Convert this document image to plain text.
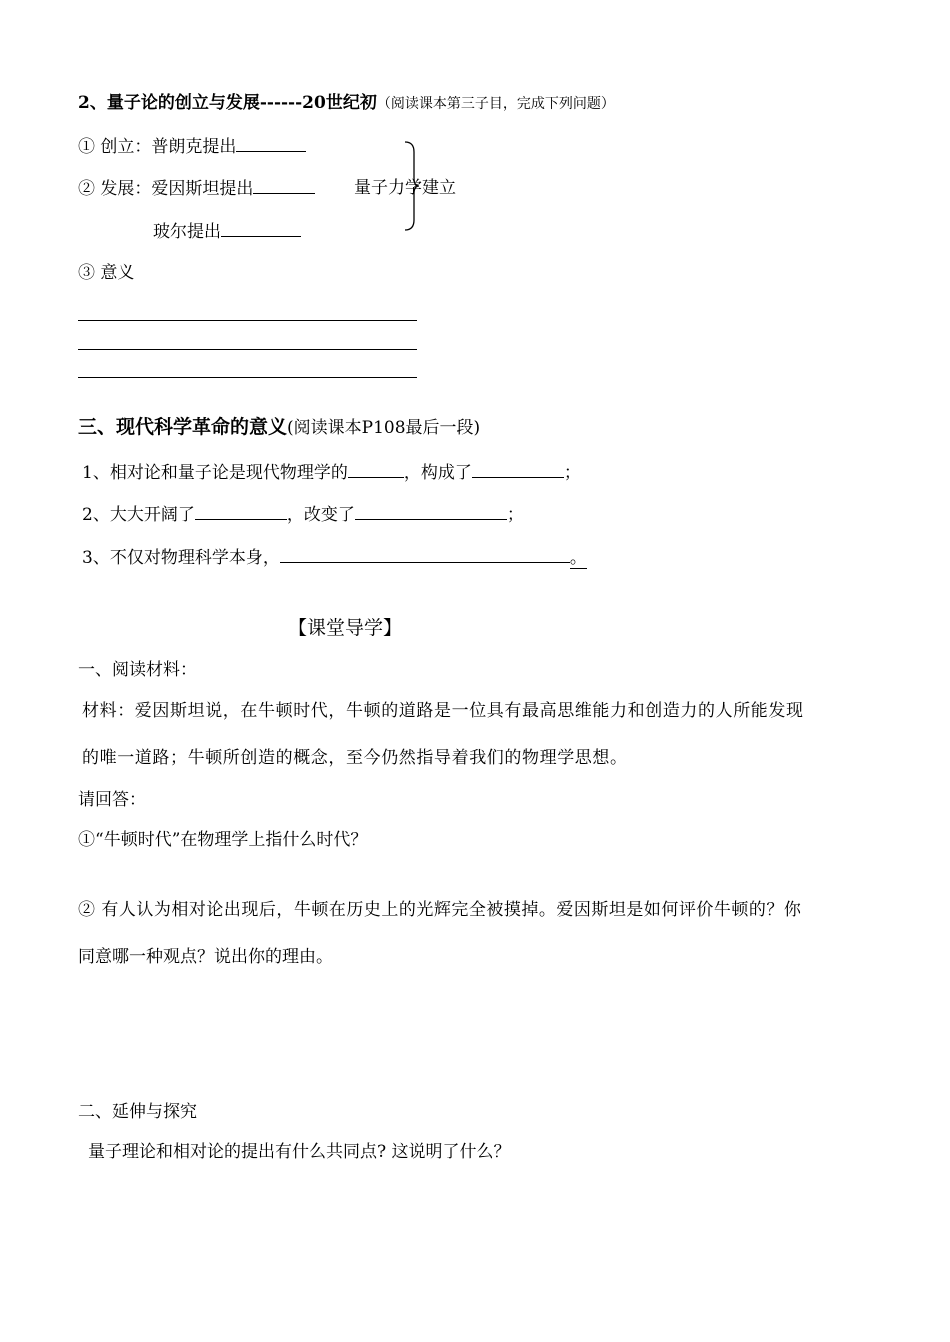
2、量子论的创立与发展------20世纪初（阅读课本第三子目，完成下列问题）
① 创立：普朗克提出
② 发展：爱因斯坦提出	量子力学建立
玻尔提出
③ 意义
三、现代科学革命的意义(阅读课本P108最后一段)
1、相对论和量子论是现代物理学的	，构成了	；
2、大大开阔了	，改变了	；
3、不仅对物理科学本身，	。
【课堂导学】
一、阅读材料：
材料：爱因斯坦说，在牛顿时代，牛顿的道路是一位具有最高思维能力和创造力的人所能发现
的唯一道路；牛顿所创造的概念，至今仍然指导着我们的物理学思想。
请回答：
①“牛顿时代”在物理学上指什么时代？
② 有人认为相对论出现后，牛顿在历史上的光辉完全被摸掉。爱因斯坦是如何评价牛顿的？你
同意哪一种观点？说出你的理由。
二、延伸与探究
量子理论和相对论的提出有什么共同点? 这说明了什么？
